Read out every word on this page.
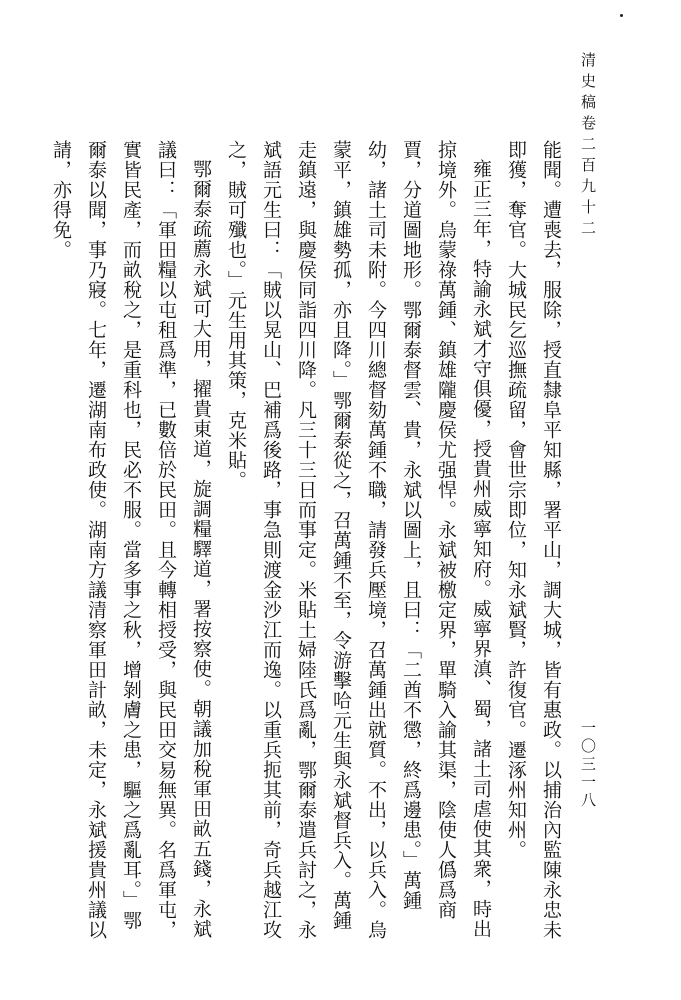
清史稿卷二百九十二
一〇三一八

能聞。遭喪去，服除，授直隸阜平知縣，署平山，調大城，皆有惠政。以捕治內監陳永忠未即獲，奪官。大城民乞巡撫疏留，會世宗即位，知永斌賢，許復官。遷涿州知州。

雍正三年，特諭永斌才守俱優，授貴州威寧知府。威寧界滇、蜀，諸土司虐使其衆，時出掠境外。烏蒙祿萬鍾、鎮雄隴慶侯尤强悍。永斌被檄定界，單騎入諭其渠，陰使人僞爲商賈，分道圖地形。鄂爾泰督雲、貴，永斌以圖上，且曰：「二酋不懲，終爲邊患。」萬鍾幼，諸土司未附。今四川總督劾萬鍾不職，請發兵壓境，召萬鍾出就質。不出，以兵入。烏蒙平，鎮雄勢孤，亦且降。」鄂爾泰從之，召萬鍾不至，令游擊哈元生與永斌督兵入。萬鍾走鎮遠，與慶侯同詣四川降。凡三十三日而事定。米貼土婦陸氏爲亂，鄂爾泰遣兵討之，永斌語元生曰：「賊以晃山、巴補爲後路，事急則渡金沙江而逸。以重兵扼其前，奇兵越江攻之，賊可殲也。」元生用其策，克米貼。

鄂爾泰疏薦永斌可大用，擢貴東道，旋調糧驛道，署按察使。朝議加稅軍田畝五錢，永斌議曰：「軍田糧以屯租爲準，已數倍於民田。且今轉相授受，與民田交易無異。名爲軍屯，實皆民產，而畝稅之，是重科也，民必不服。當多事之秋，增剝膚之患，驅之爲亂耳。」鄂爾泰以聞，事乃寢。七年，遷湖南布政使。湖南方議清察軍田計畝，未定，永斌援貴州議以請，亦得免。
